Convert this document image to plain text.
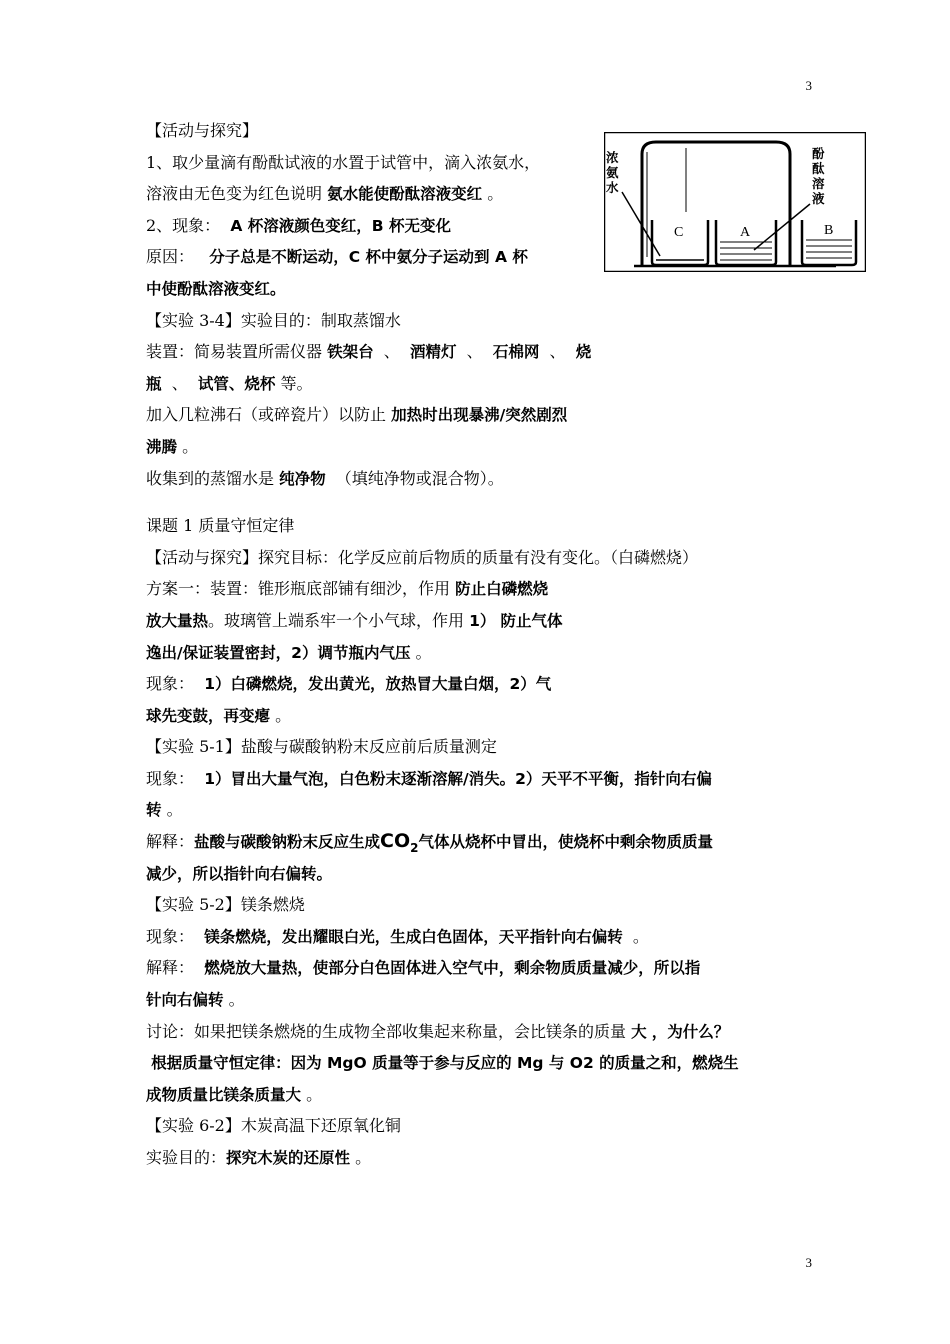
3
浓
氨
水
酚
酞
溶
液
C	A	B
【活动与探究】
1、取少量滴有酚酞试液的水置于试管中，滴入浓氨水，
溶液由无色变为红色说明 氨水能使酚酞溶液变红 。
2、现象： A 杯溶液颜色变红，B 杯无变化
原因： 分子总是不断运动，C 杯中氨分子运动到 A 杯
中使酚酞溶液变红。
【实验 3-4】实验目的：制取蒸馏水
装置：简易装置所需仪器 铁架台 、 酒精灯 、 石棉网 、 烧
瓶 、 试管、烧杯 等。
加入几粒沸石（或碎瓷片）以防止 加热时出现暴沸/突然剧烈
沸腾 。
收集到的蒸馏水是 纯净物 （填纯净物或混合物）。
课题 1 质量守恒定律
【活动与探究】探究目标：化学反应前后物质的质量有没有变化。（白磷燃烧）
方案一：装置：锥形瓶底部铺有细沙，作用 防止白磷燃烧
放大量热。玻璃管上端系牢一个小气球，作用 1） 防止气体
逸出/保证装置密封，2）调节瓶内气压 。
现象： 1）白磷燃烧，发出黄光，放热冒大量白烟，2）气
球先变鼓，再变瘪 。
【实验 5-1】盐酸与碳酸钠粉末反应前后质量测定
现象： 1）冒出大量气泡，白色粉末逐渐溶解/消失。2）天平不平衡，指针向右偏
转 。
解释：盐酸与碳酸钠粉末反应生成$CO_2$气体从烧杯中冒出，使烧杯中剩余物质质量
减少，所以指针向右偏转。
【实验 5-2】镁条燃烧
现象： 镁条燃烧，发出耀眼白光，生成白色固体，天平指针向右偏转 。
解释： 燃烧放大量热，使部分白色固体进入空气中，剩余物质质量减少，所以指
针向右偏转 。
讨论：如果把镁条燃烧的生成物全部收集起来称量，会比镁条的质量 大 ，为什么？
根据质量守恒定律：因为 MgO 质量等于参与反应的 Mg 与 O2 的质量之和，燃烧生
成物质量比镁条质量大 。
【实验 6-2】木炭高温下还原氧化铜
实验目的：探究木炭的还原性 。
3
